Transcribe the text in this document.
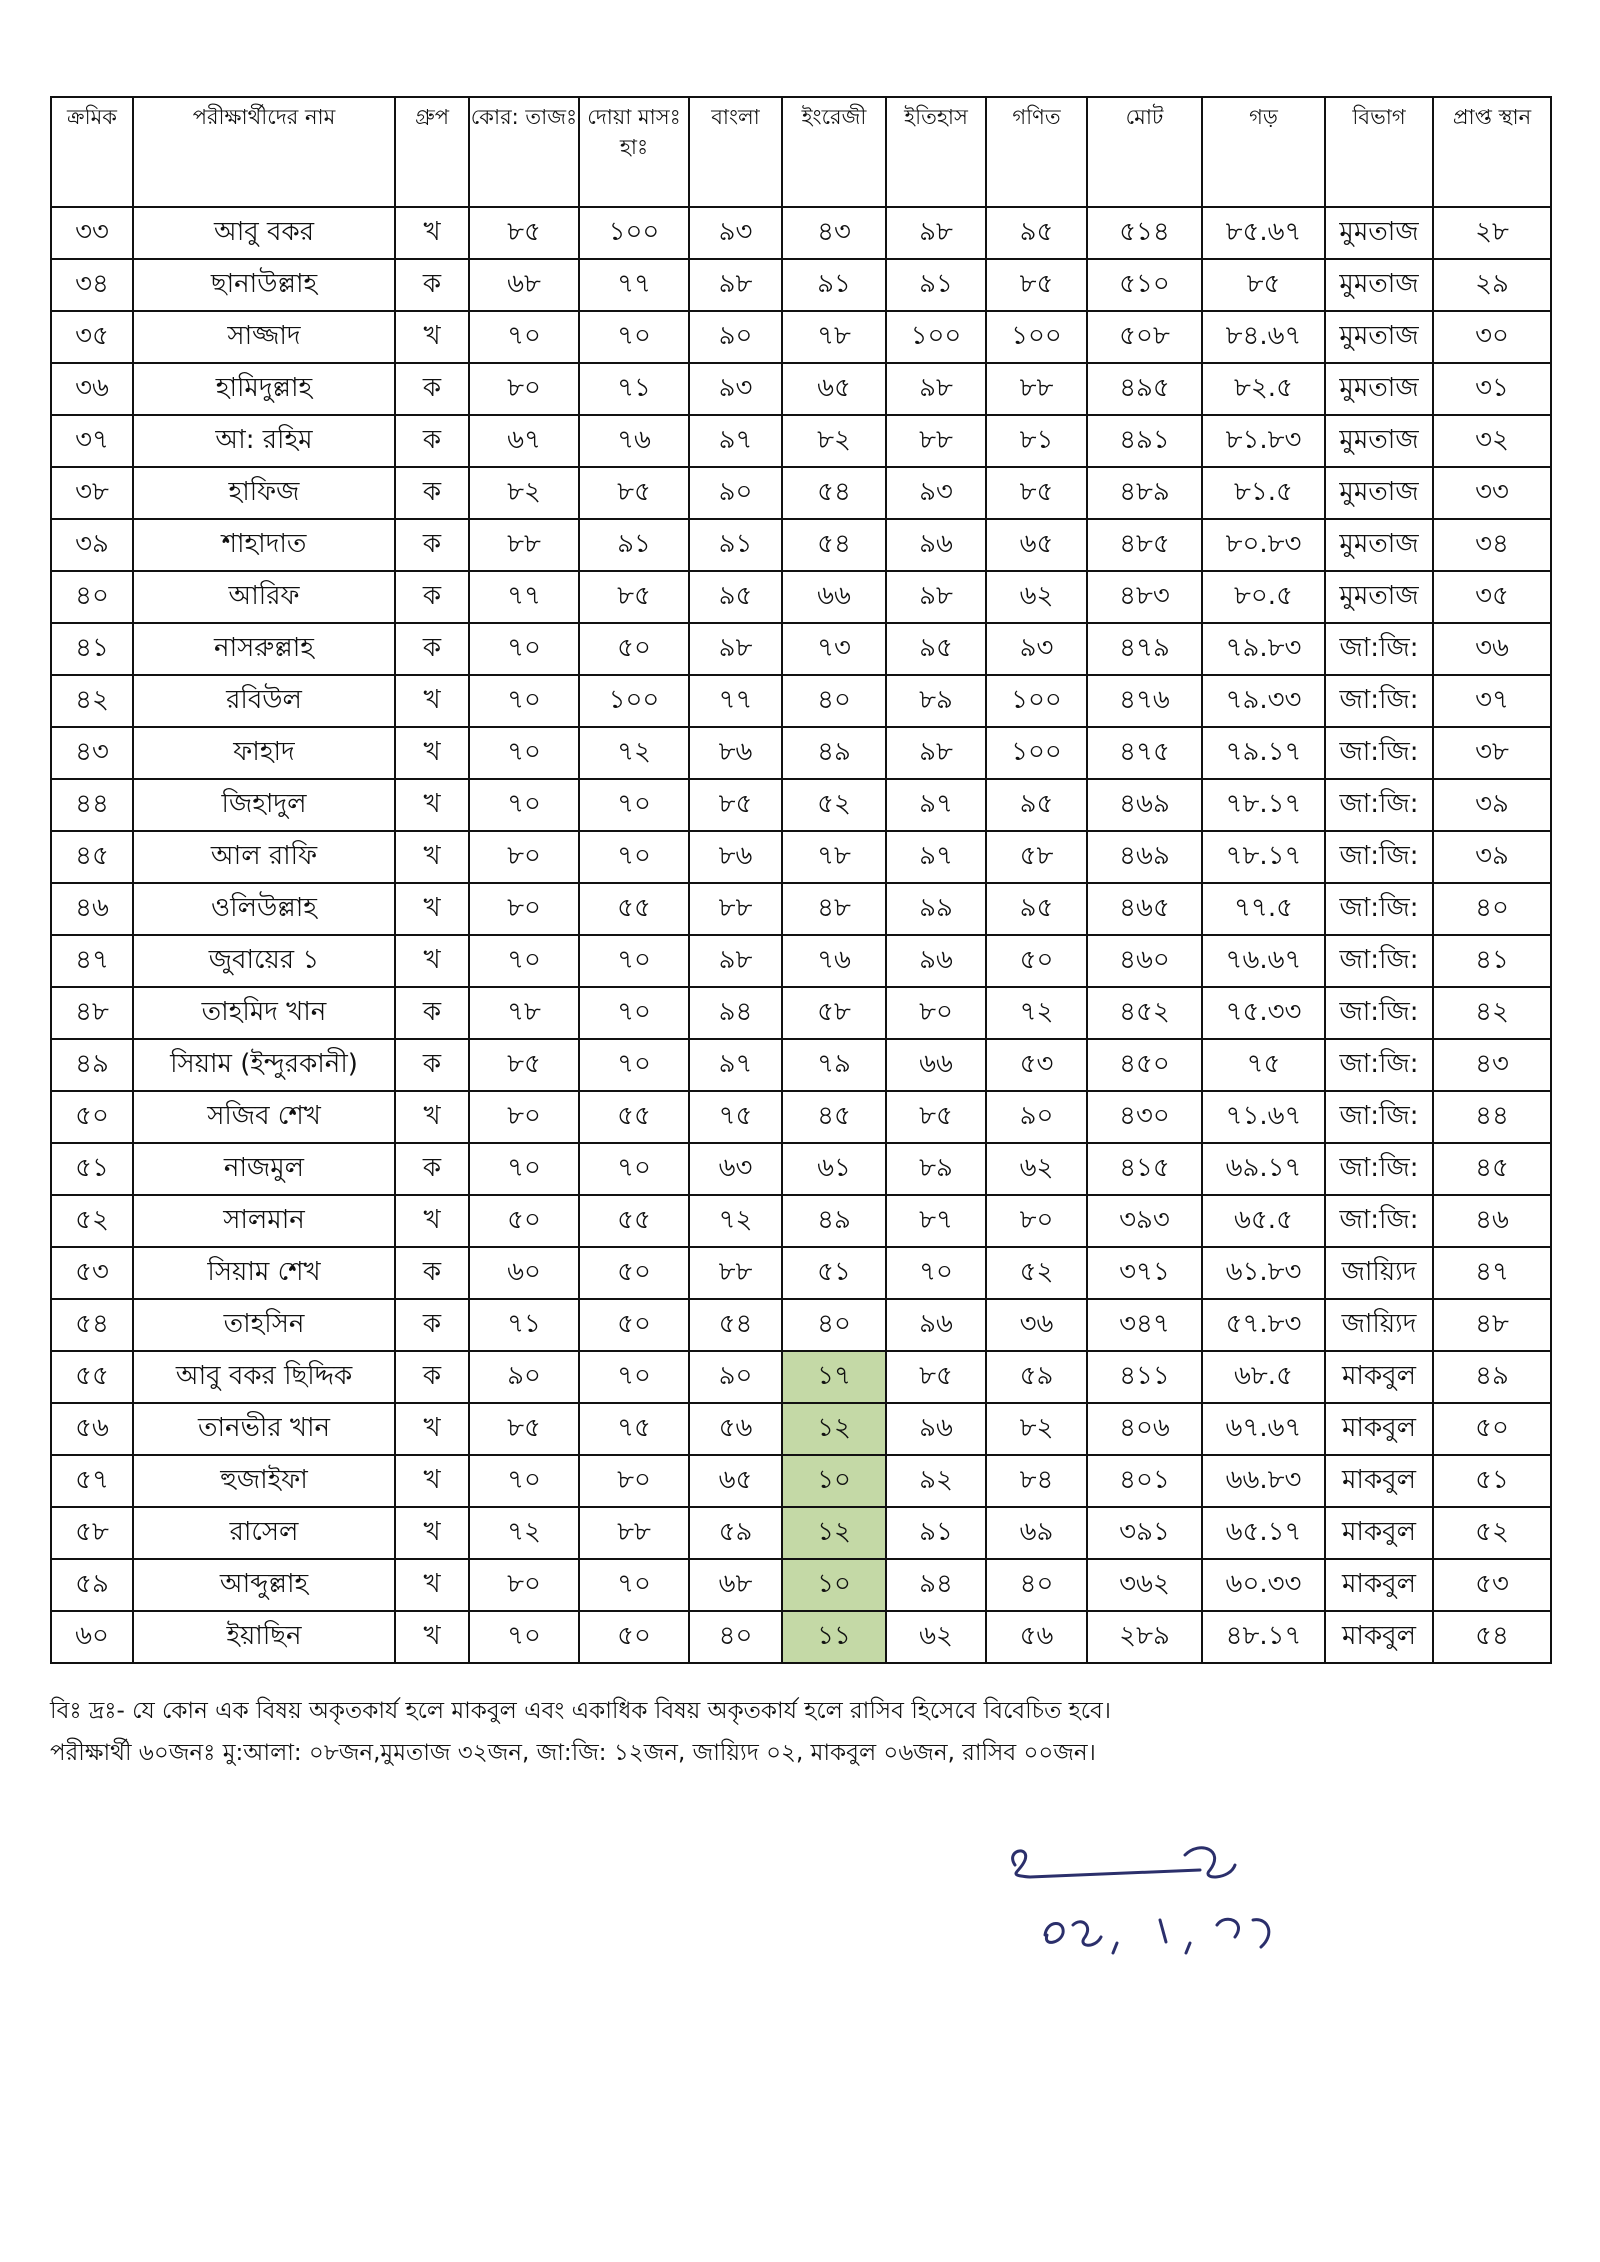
ক্রমিক	পরীক্ষার্থীদের নাম	গ্রুপ	কোর: তাজঃ	দোয়া মাসঃ হাঃ	বাংলা	ইংরেজী	ইতিহাস	গণিত	মোট	গড়	বিভাগ	প্রাপ্ত স্থান
৩৩	আবু বকর	খ	৮৫	১০০	৯৩	৪৩	৯৮	৯৫	৫১৪	৮৫.৬৭	মুমতাজ	২৮
৩৪	ছানাউল্লাহ	ক	৬৮	৭৭	৯৮	৯১	৯১	৮৫	৫১০	৮৫	মুমতাজ	২৯
৩৫	সাজ্জাদ	খ	৭০	৭০	৯০	৭৮	১০০	১০০	৫০৮	৮৪.৬৭	মুমতাজ	৩০
৩৬	হামিদুল্লাহ	ক	৮০	৭১	৯৩	৬৫	৯৮	৮৮	৪৯৫	৮২.৫	মুমতাজ	৩১
৩৭	আ: রহিম	ক	৬৭	৭৬	৯৭	৮২	৮৮	৮১	৪৯১	৮১.৮৩	মুমতাজ	৩২
৩৮	হাফিজ	ক	৮২	৮৫	৯০	৫৪	৯৩	৮৫	৪৮৯	৮১.৫	মুমতাজ	৩৩
৩৯	শাহাদাত	ক	৮৮	৯১	৯১	৫৪	৯৬	৬৫	৪৮৫	৮০.৮৩	মুমতাজ	৩৪
৪০	আরিফ	ক	৭৭	৮৫	৯৫	৬৬	৯৮	৬২	৪৮৩	৮০.৫	মুমতাজ	৩৫
৪১	নাসরুল্লাহ	ক	৭০	৫০	৯৮	৭৩	৯৫	৯৩	৪৭৯	৭৯.৮৩	জা:জি:	৩৬
৪২	রবিউল	খ	৭০	১০০	৭৭	৪০	৮৯	১০০	৪৭৬	৭৯.৩৩	জা:জি:	৩৭
৪৩	ফাহাদ	খ	৭০	৭২	৮৬	৪৯	৯৮	১০০	৪৭৫	৭৯.১৭	জা:জি:	৩৮
৪৪	জিহাদুল	খ	৭০	৭০	৮৫	৫২	৯৭	৯৫	৪৬৯	৭৮.১৭	জা:জি:	৩৯
৪৫	আল রাফি	খ	৮০	৭০	৮৬	৭৮	৯৭	৫৮	৪৬৯	৭৮.১৭	জা:জি:	৩৯
৪৬	ওলিউল্লাহ	খ	৮০	৫৫	৮৮	৪৮	৯৯	৯৫	৪৬৫	৭৭.৫	জা:জি:	৪০
৪৭	জুবায়ের ১	খ	৭০	৭০	৯৮	৭৬	৯৬	৫০	৪৬০	৭৬.৬৭	জা:জি:	৪১
৪৮	তাহমিদ খান	ক	৭৮	৭০	৯৪	৫৮	৮০	৭২	৪৫২	৭৫.৩৩	জা:জি:	৪২
৪৯	সিয়াম (ইন্দুরকানী)	ক	৮৫	৭০	৯৭	৭৯	৬৬	৫৩	৪৫০	৭৫	জা:জি:	৪৩
৫০	সজিব শেখ	খ	৮০	৫৫	৭৫	৪৫	৮৫	৯০	৪৩০	৭১.৬৭	জা:জি:	৪৪
৫১	নাজমুল	ক	৭০	৭০	৬৩	৬১	৮৯	৬২	৪১৫	৬৯.১৭	জা:জি:	৪৫
৫২	সালমান	খ	৫০	৫৫	৭২	৪৯	৮৭	৮০	৩৯৩	৬৫.৫	জা:জি:	৪৬
৫৩	সিয়াম শেখ	ক	৬০	৫০	৮৮	৫১	৭০	৫২	৩৭১	৬১.৮৩	জায়্যিদ	৪৭
৫৪	তাহসিন	ক	৭১	৫০	৫৪	৪০	৯৬	৩৬	৩৪৭	৫৭.৮৩	জায়্যিদ	৪৮
৫৫	আবু বকর ছিদ্দিক	ক	৯০	৭০	৯০	১৭	৮৫	৫৯	৪১১	৬৮.৫	মাকবুল	৪৯
৫৬	তানভীর খান	খ	৮৫	৭৫	৫৬	১২	৯৬	৮২	৪০৬	৬৭.৬৭	মাকবুল	৫০
৫৭	হুজাইফা	খ	৭০	৮০	৬৫	১০	৯২	৮৪	৪০১	৬৬.৮৩	মাকবুল	৫১
৫৮	রাসেল	খ	৭২	৮৮	৫৯	১২	৯১	৬৯	৩৯১	৬৫.১৭	মাকবুল	৫২
৫৯	আব্দুল্লাহ	খ	৮০	৭০	৬৮	১০	৯৪	৪০	৩৬২	৬০.৩৩	মাকবুল	৫৩
৬০	ইয়াছিন	খ	৭০	৫০	৪০	১১	৬২	৫৬	২৮৯	৪৮.১৭	মাকবুল	৫৪

বিঃ দ্রঃ- যে কোন এক বিষয় অকৃতকার্য হলে মাকবুল এবং একাধিক বিষয় অকৃতকার্য হলে রাসিব হিসেবে বিবেচিত হবে।

পরীক্ষার্থী ৬০জনঃ মু:আলা: ০৮জন,মুমতাজ ৩২জন, জা:জি: ১২জন, জায়্যিদ ০২, মাকবুল ০৬জন, রাসিব ০০জন।
